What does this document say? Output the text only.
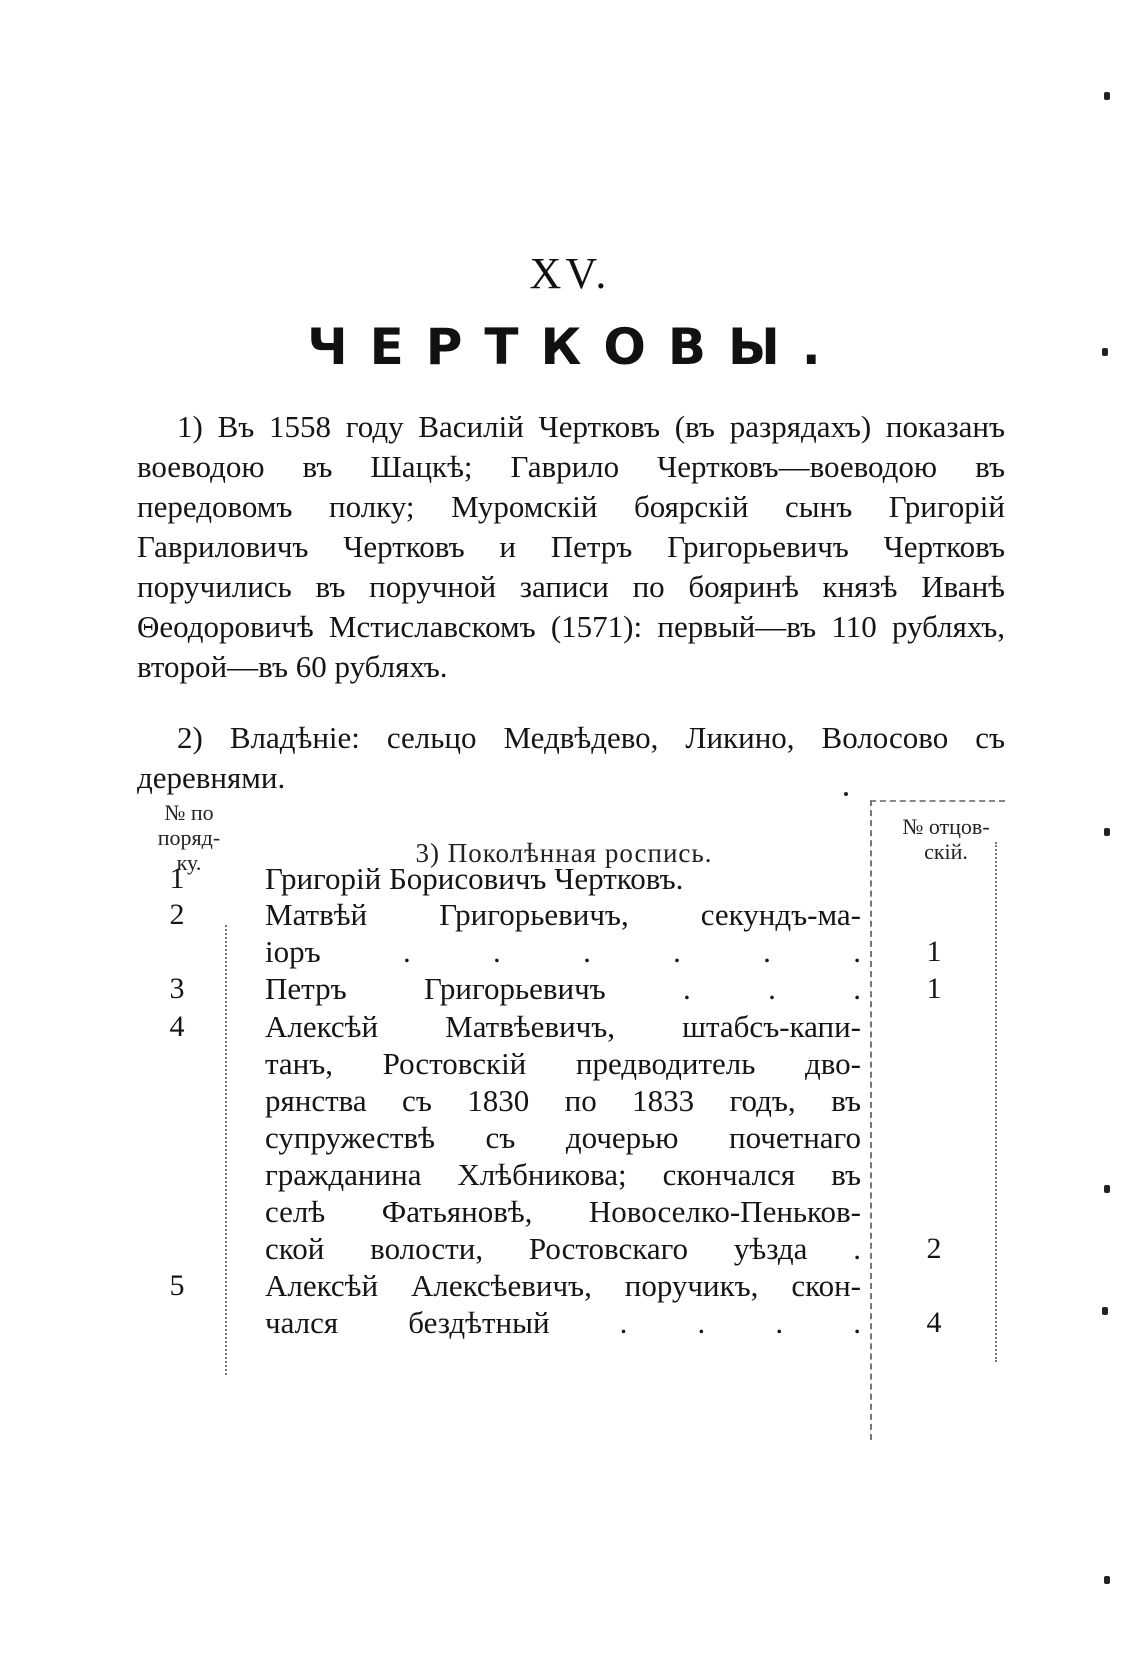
XV.
ЧЕРТКОВЫ.

1) Въ 1558 году Василій Чертковъ (въ разрядахъ) показанъ воеводою въ Шацкѣ; Гаврило Чертковъ—воеводою въ передовомъ полку; Муромскій боярскій сынъ Григорій Гавриловичъ Чертковъ и Петръ Григорьевичъ Чертковъ поручились въ поручной записи по бояринѣ князѣ Иванѣ Θеодоровичѣ Мстиславскомъ (1571): первый—въ 110 рубляхъ, второй—въ 60 рубляхъ.

2) Владѣніе: сельцо Медвѣдево, Ликино, Волосово съ деревнями.

№ по
поряд-
ку.	3) Поколѣнная роспись.
№ отцов-
скій.
1	Григорій Борисовичъ Чертковъ.
2	Матвѣй Григорьевичъ, секундъ-ма-
іоръ . . . . . .	1
3	Петръ Григорьевичъ . . .	1
4	Алексѣй Матвѣевичъ, штабсъ-капи-
танъ, Ростовскій предводитель дво-
рянства съ 1830 по 1833 годъ, въ
супружествѣ съ дочерью почетнаго
гражданина Хлѣбникова; скончался въ
селѣ Фатьяновѣ, Новоселко-Пеньков-
ской волости, Ростовскаго уѣзда .	2
5	Алексѣй Алексѣевичъ, поручикъ, скон-
чался бездѣтный . . . .	4
